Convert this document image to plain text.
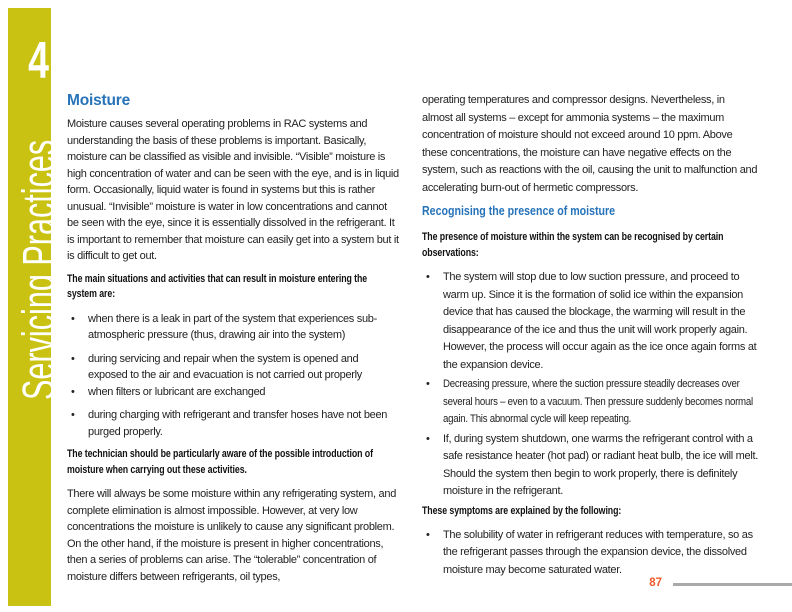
4
Servicing Practices
Moisture

Moisture causes several operating problems in RAC systems and understanding the basis of these problems is important. Basically, moisture can be classified as visible and invisible. “Visible” moisture is high concentration of water and can be seen with the eye, and is in liquid form. Occasionally, liquid water is found in systems but this is rather unusual. “Invisible” moisture is water in low concentrations and cannot be seen with the eye, since it is essentially dissolved in the refrigerant. It is important to remember that moisture can easily get into a system but it is difficult to get out.

The main situations and activities that can result in moisture entering the system are:
• when there is a leak in part of the system that experiences sub-atmospheric pressure (thus, drawing air into the system)
• during servicing and repair when the system is opened and exposed to the air and evacuation is not carried out properly
• when filters or lubricant are exchanged
• during charging with refrigerant and transfer hoses have not been purged properly.
The technician should be particularly aware of the possible introduction of moisture when carrying out these activities.

There will always be some moisture within any refrigerating system, and complete elimination is almost impossible. However, at very low concentrations the moisture is unlikely to cause any significant problem. On the other hand, if the moisture is present in higher concentrations, then a series of problems can arise. The “tolerable” concentration of moisture differs between refrigerants, oil types,

operating temperatures and compressor designs. Nevertheless, in almost all systems – except for ammonia systems – the maximum concentration of moisture should not exceed around 10 ppm. Above these concentrations, the moisture can have negative effects on the system, such as reactions with the oil, causing the unit to malfunction and accelerating burn-out of hermetic compressors.

Recognising the presence of moisture
The presence of moisture within the system can be recognised by certain observations:
• The system will stop due to low suction pressure, and proceed to warm up. Since it is the formation of solid ice within the expansion device that has caused the blockage, the warming will result in the disappearance of the ice and thus the unit will work properly again. However, the process will occur again as the ice once again forms at the expansion device.
• Decreasing pressure, where the suction pressure steadily decreases over several hours – even to a vacuum. Then pressure suddenly becomes normal again. This abnormal cycle will keep repeating.
• If, during system shutdown, one warms the refrigerant control with a safe resistance heater (hot pad) or radiant heat bulb, the ice will melt. Should the system then begin to work properly, there is definitely moisture in the refrigerant.
These symptoms are explained by the following:
• The solubility of water in refrigerant reduces with temperature, so as the refrigerant passes through the expansion device, the dissolved moisture may become saturated water.
87
